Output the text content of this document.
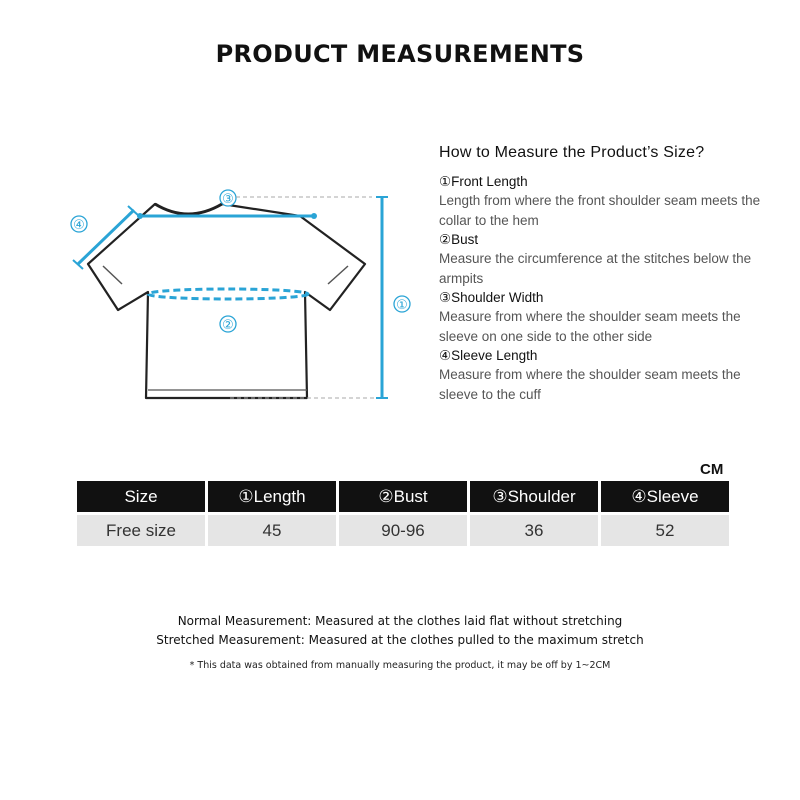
PRODUCT MEASUREMENTS
③
④
②
①
How to Measure the Product’s Size?
①Front Length
Length from where the front shoulder seam meets the collar to the hem
②Bust
Measure the circumference at the stitches below the armpits
③Shoulder Width
Measure from where the shoulder seam meets the sleeve on one side to the other side
④Sleeve Length
Measure from where the shoulder seam meets the sleeve to the cuff
CM
Size	①Length	②Bust	③Shoulder	④Sleeve
Free size	45	90-96	36	52
Normal Measurement: Measured at the clothes laid flat without stretching
Stretched Measurement: Measured at the clothes pulled to the maximum stretch
* This data was obtained from manually measuring the product, it may be off by 1~2CM
